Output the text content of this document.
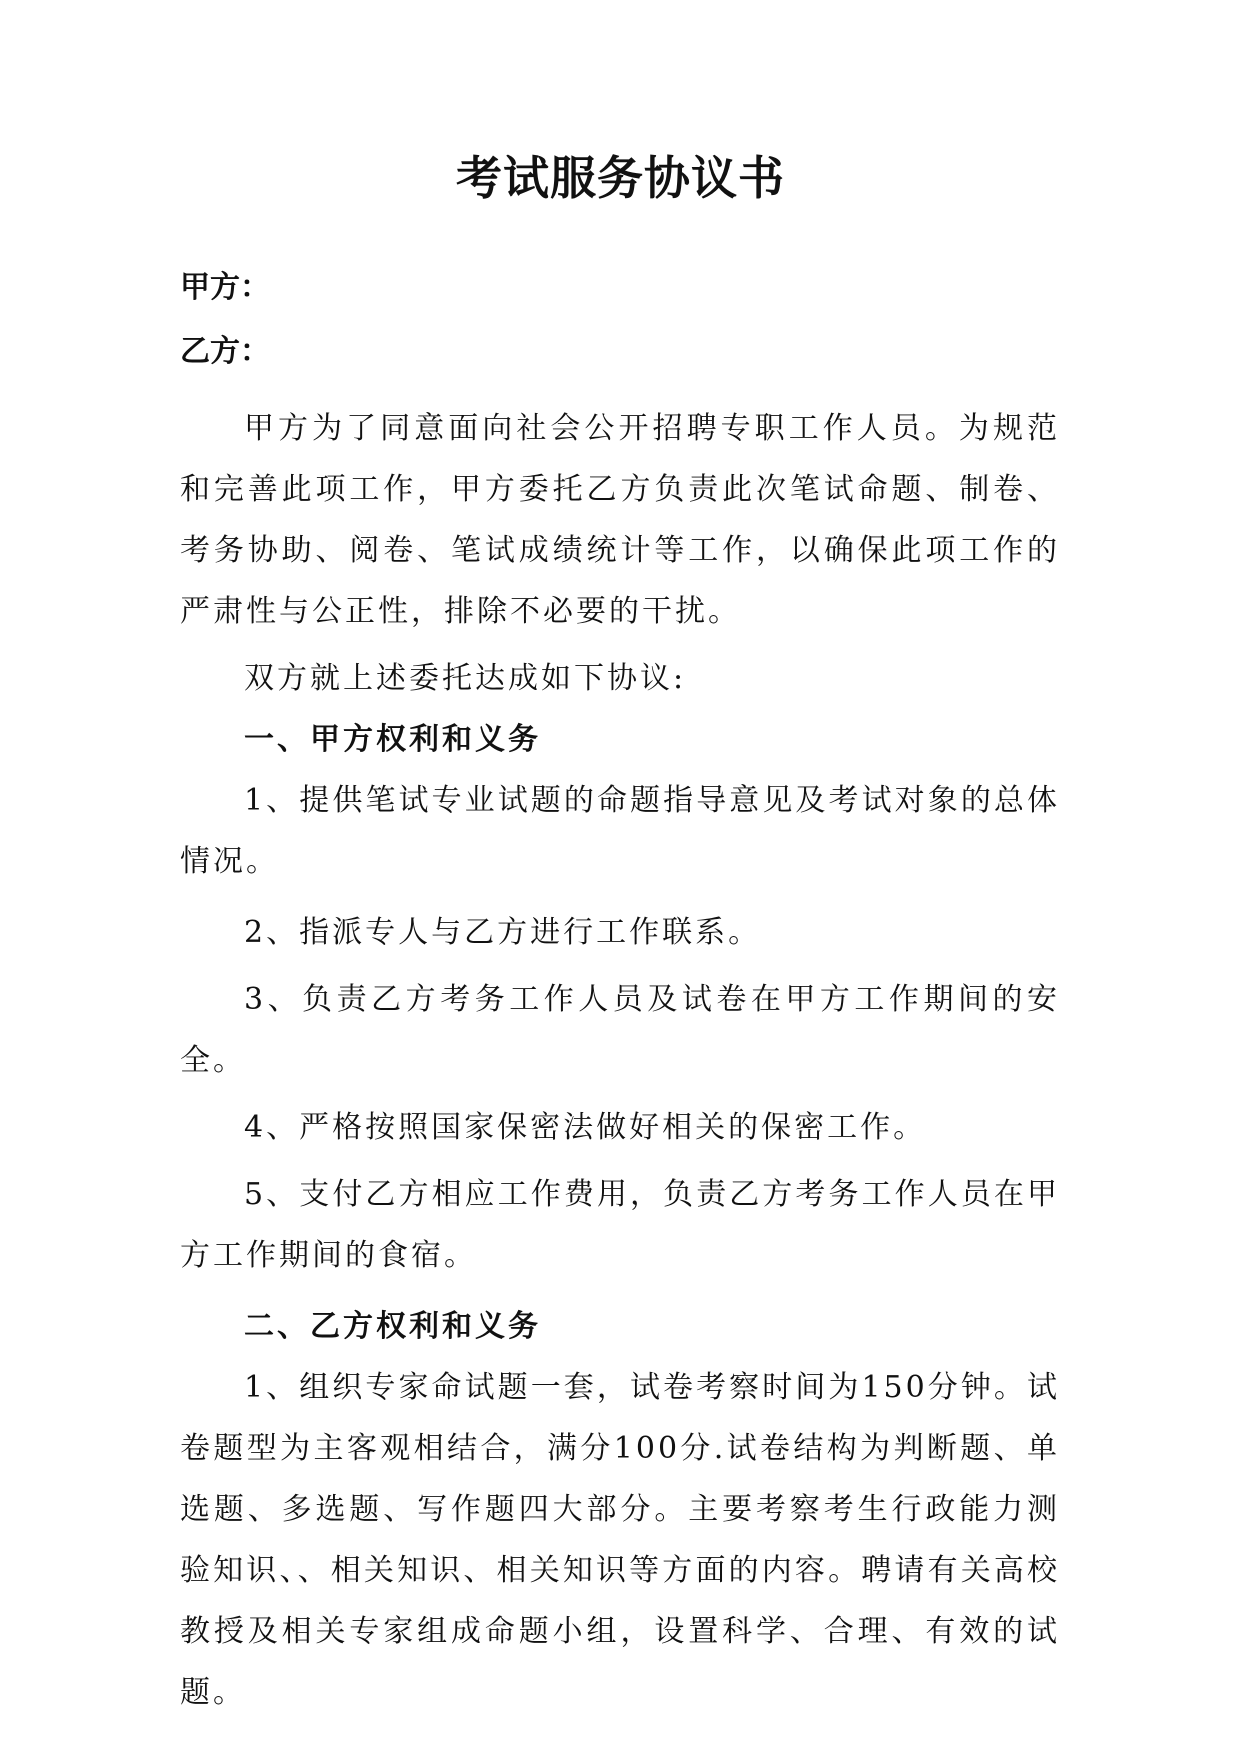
考试服务协议书

甲方：

乙方：

甲方为了同意面向社会公开招聘专职工作人员。为规范和完善此项工作，甲方委托乙方负责此次笔试命题、制卷、考务协助、阅卷、笔试成绩统计等工作，以确保此项工作的严肃性与公正性，排除不必要的干扰。

双方就上述委托达成如下协议:

一、甲方权利和义务

1、提供笔试专业试题的命题指导意见及考试对象的总体情况。

2、指派专人与乙方进行工作联系。

3、负责乙方考务工作人员及试卷在甲方工作期间的安全。

4、严格按照国家保密法做好相关的保密工作。

5、支付乙方相应工作费用，负责乙方考务工作人员在甲方工作期间的食宿。

二、乙方权利和义务

1、组织专家命试题一套，试卷考察时间为150分钟。试卷题型为主客观相结合，满分100分.试卷结构为判断题、单选题、多选题、写作题四大部分。主要考察考生行政能力测验知识、、相关知识、相关知识等方面的内容。聘请有关高校教授及相关专家组成命题小组，设置科学、合理、有效的试题。
